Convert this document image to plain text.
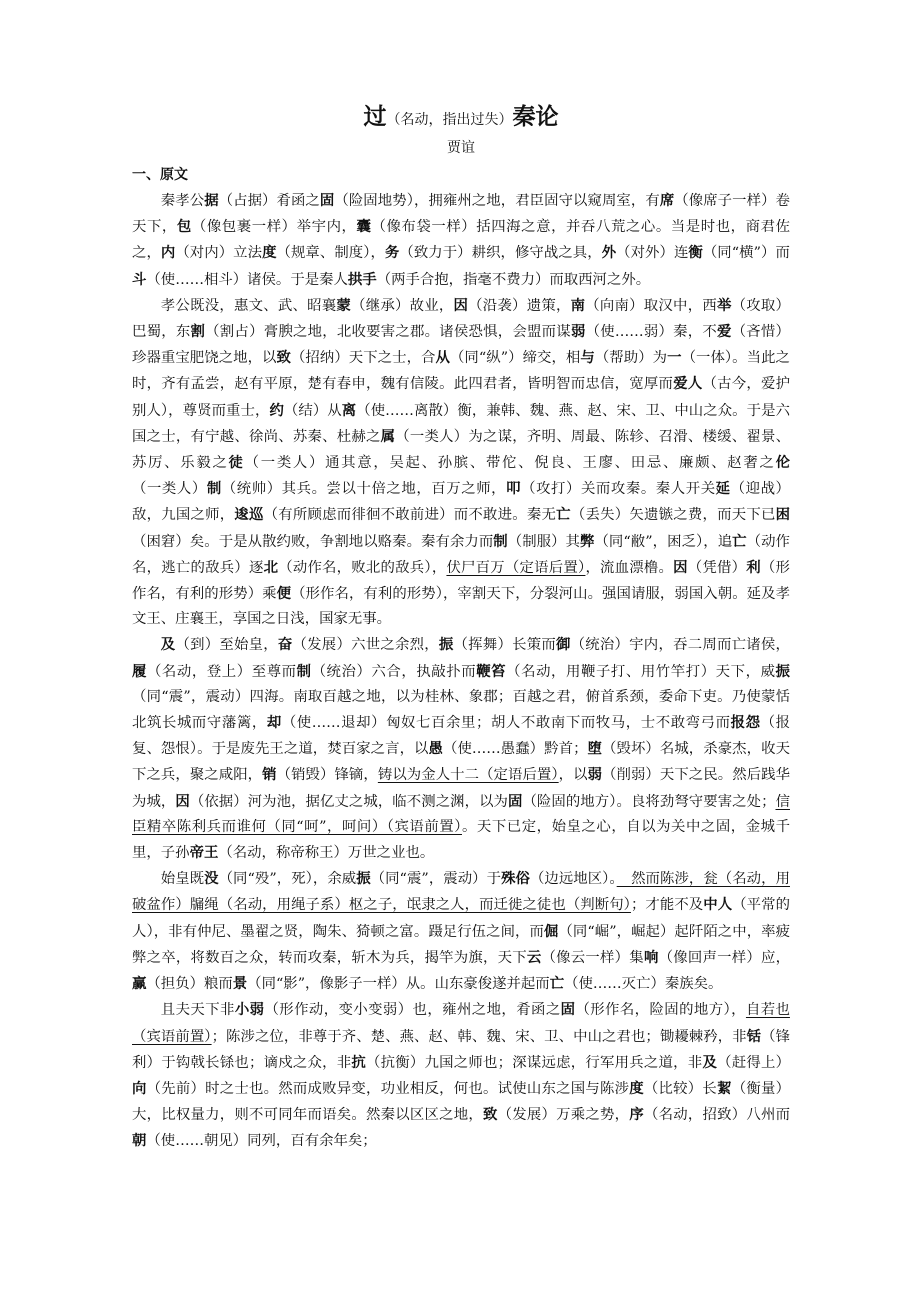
过（名动，指出过失）秦论

贾谊

一、原文

秦孝公据（占据）肴函之固（险固地势），拥雍州之地，君臣固守以窥周室，有席（像席子一样）卷天下，包（像包裹一样）举宇内，囊（像布袋一样）括四海之意，并吞八荒之心。当是时也，商君佐之，内（对内）立法度（规章、制度），务（致力于）耕织，修守战之具，外（对外）连衡（同“横”）而斗（使……相斗）诸侯。于是秦人拱手（两手合抱，指毫不费力）而取西河之外。

孝公既没，惠文、武、昭襄蒙（继承）故业，因（沿袭）遗策，南（向南）取汉中，西举（攻取）巴蜀，东割（割占）膏腴之地，北收要害之郡。诸侯恐惧，会盟而谋弱（使……弱）秦，不爱（吝惜）珍器重宝肥饶之地，以致（招纳）天下之士，合从（同“纵”）缔交，相与（帮助）为一（一体）。当此之时，齐有孟尝，赵有平原，楚有春申，魏有信陵。此四君者，皆明智而忠信，宽厚而爱人（古今，爱护别人），尊贤而重士，约（结）从离（使……离散）衡，兼韩、魏、燕、赵、宋、卫、中山之众。于是六国之士，有宁越、徐尚、苏秦、杜赫之属（一类人）为之谋，齐明、周最、陈轸、召滑、楼缓、翟景、苏厉、乐毅之徒（一类人）通其意，吴起、孙膑、带佗、倪良、王廖、田忌、廉颇、赵奢之伦（一类人）制（统帅）其兵。尝以十倍之地，百万之师，叩（攻打）关而攻秦。秦人开关延（迎战）敌，九国之师，逡巡（有所顾虑而徘徊不敢前进）而不敢进。秦无亡（丢失）矢遗镞之费，而天下已困（困窘）矣。于是从散约败，争割地以赂秦。秦有余力而制（制服）其弊（同“敝”，困乏），追亡（动作名，逃亡的敌兵）逐北（动作名，败北的敌兵），伏尸百万（定语后置），流血漂橹。因（凭借）利（形作名，有利的形势）乘便（形作名，有利的形势），宰割天下，分裂河山。强国请服，弱国入朝。延及孝文王、庄襄王，享国之日浅，国家无事。

及（到）至始皇，奋（发展）六世之余烈，振（挥舞）长策而御（统治）宇内，吞二周而亡诸侯，履（名动，登上）至尊而制（统治）六合，执敲扑而鞭笞（名动，用鞭子打、用竹竿打）天下，威振（同“震”，震动）四海。南取百越之地，以为桂林、象郡；百越之君，俯首系颈，委命下吏。乃使蒙恬北筑长城而守藩篱，却（使……退却）匈奴七百余里；胡人不敢南下而牧马，士不敢弯弓而报怨（报复、怨恨）。于是废先王之道，焚百家之言，以愚（使……愚蠢）黔首；堕（毁坏）名城，杀豪杰，收天下之兵，聚之咸阳，销（销毁）锋镝，铸以为金人十二（定语后置），以弱（削弱）天下之民。然后践华为城，因（依据）河为池，据亿丈之城，临不测之渊，以为固（险固的地方）。良将劲弩守要害之处；信臣精卒陈利兵而谁何（同“呵”，呵问）（宾语前置）。天下已定，始皇之心，自以为关中之固，金城千里，子孙帝王（名动，称帝称王）万世之业也。

始皇既没（同“殁”，死），余威振（同“震”，震动）于殊俗（边远地区）。　然而陈涉，瓮（名动，用破盆作）牖绳（名动，用绳子系）枢之子，氓隶之人，而迁徙之徒也（判断句）；才能不及中人（平常的人），非有仲尼、墨翟之贤，陶朱、猗顿之富。蹑足行伍之间，而倔（同“崛”，崛起）起阡陌之中，率疲弊之卒，将数百之众，转而攻秦，斩木为兵，揭竿为旗，天下云（像云一样）集响（像回声一样）应，赢（担负）粮而景（同“影”，像影子一样）从。山东豪俊遂并起而亡（使……灭亡）秦族矣。

且夫天下非小弱（形作动，变小变弱）也，雍州之地，肴函之固（形作名，险固的地方），自若也（宾语前置）；陈涉之位，非尊于齐、楚、燕、赵、韩、魏、宋、卫、中山之君也；锄耰棘矜，非铦（锋利）于钩戟长铩也；谪戍之众，非抗（抗衡）九国之师也；深谋远虑，行军用兵之道，非及（赶得上）向（先前）时之士也。然而成败异变，功业相反，何也。试使山东之国与陈涉度（比较）长絜（衡量）大，比权量力，则不可同年而语矣。然秦以区区之地，致（发展）万乘之势，序（名动，招致）八州而朝（使……朝见）同列，百有余年矣；
